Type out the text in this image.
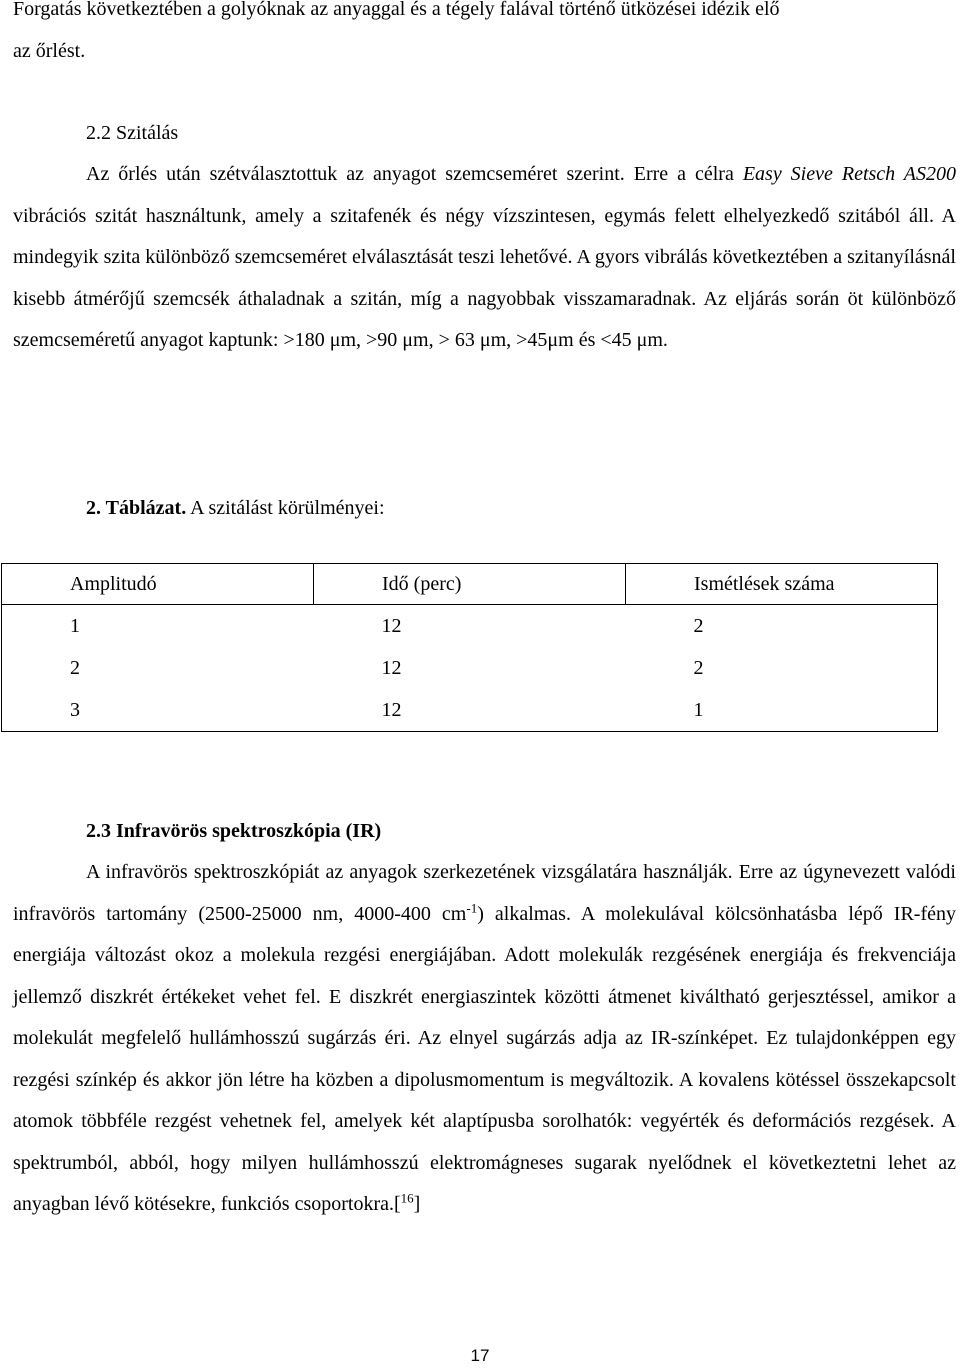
Forgatás következtében a golyóknak az anyaggal és a tégely falával történő ütközései idézik elő

az őrlést.

2.2 Szitálás

Az őrlés után szétválasztottuk az anyagot szemcseméret szerint. Erre a célra Easy Sieve Retsch AS200 vibrációs szitát használtunk, amely a szitafenék és négy vízszintesen, egymás felett elhelyezkedő szitából áll. A mindegyik szita különböző szemcseméret elválasztását teszi lehetővé. A gyors vibrálás következtében a szitanyílásnál kisebb átmérőjű szemcsék áthaladnak a szitán, míg a nagyobbak visszamaradnak. Az eljárás során öt különböző szemcseméretű anyagot kaptunk: >180 μm, >90 μm, > 63 μm, >45μm és <45 μm.

2. Táblázat. A szitálást körülményei:
Amplitudó	Idő (perc)	Ismétlések száma
1	12	2
2	12	2
3	12	1
2.3 Infravörös spektroszkópia (IR)

A infravörös spektroszkópiát az anyagok szerkezetének vizsgálatára használják. Erre az úgynevezett valódi infravörös tartomány (2500-25000 nm, 4000-400 $cm^{-1}$) alkalmas. A molekulával kölcsönhatásba lépő IR-fény energiája változást okoz a molekula rezgési energiájában. Adott molekulák rezgésének energiája és frekvenciája jellemző diszkrét értékeket vehet fel. E diszkrét energiaszintek közötti átmenet kiváltható gerjesztéssel, amikor a molekulát megfelelő hullámhosszú sugárzás éri. Az elnyel sugárzás adja az IR-színképet. Ez tulajdonképpen egy rezgési színkép és akkor jön létre ha közben a dipolusmomentum is megváltozik. A kovalens kötéssel összekapcsolt atomok többféle rezgést vehetnek fel, amelyek két alaptípusba sorolhatók: vegyérték és deformációs rezgések. A spektrumból, abból, hogy milyen hullámhosszú elektromágneses sugarak nyelődnek el következtetni lehet az anyagban lévő kötésekre, funkciós csoportokra.[$^{16}$]

17
